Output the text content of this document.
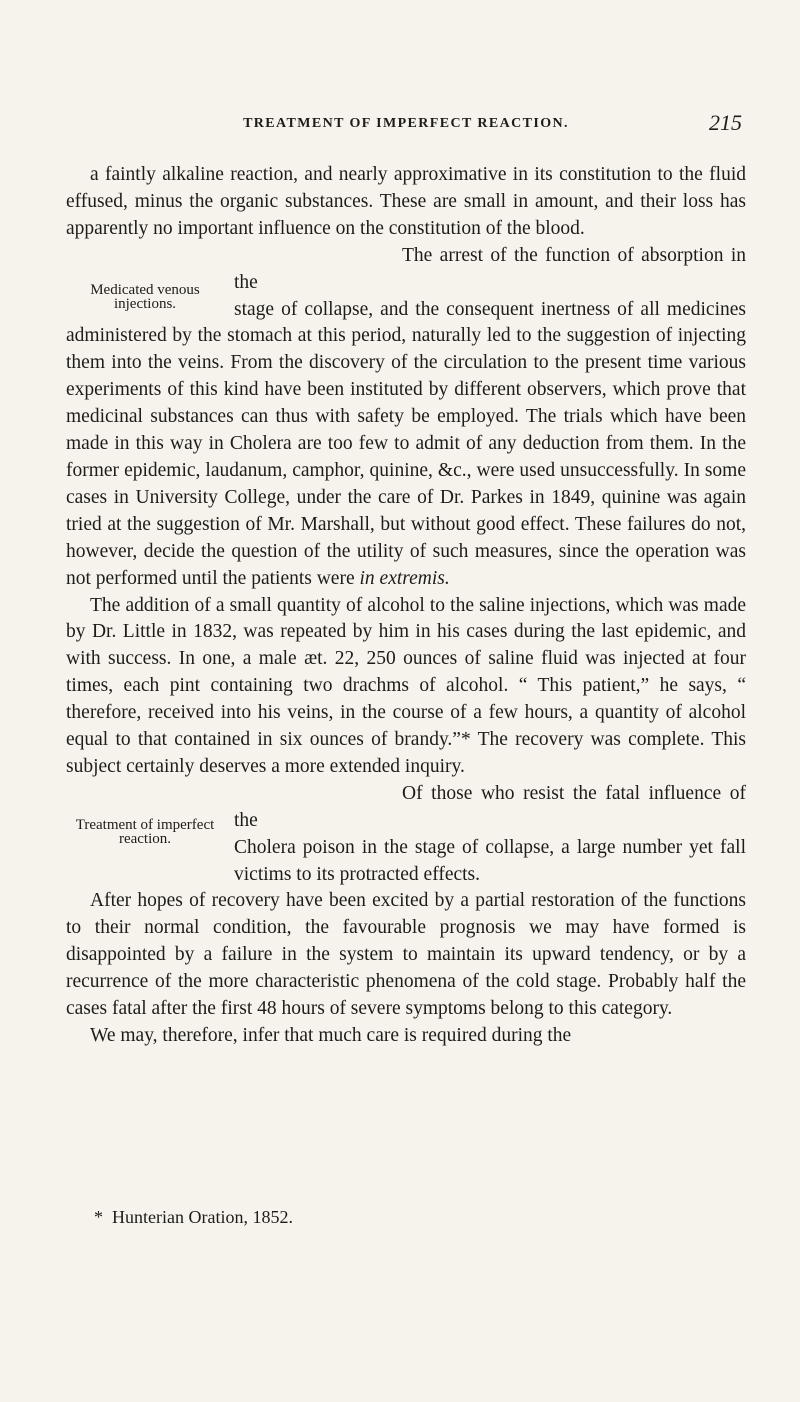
TREATMENT OF IMPERFECT REACTION.	215

a faintly alkaline reaction, and nearly approximative in its constitution to the fluid effused, minus the organic substances. These are small in amount, and their loss has apparently no important influence on the constitution of the blood.

Medicated venous injections.
The arrest of the function of absorption in the
stage of collapse, and the consequent inertness of all medicines administered by the stomach at this period, naturally led to the suggestion of injecting them into the veins. From the discovery of the circulation to the present time various experiments of this kind have been instituted by different observers, which prove that medicinal substances can thus with safety be employed. The trials which have been made in this way in Cholera are too few to admit of any deduction from them. In the former epidemic, laudanum, camphor, quinine, &c., were used unsuccessfully. In some cases in University College, under the care of Dr. Parkes in 1849, quinine was again tried at the suggestion of Mr. Marshall, but without good effect. These failures do not, however, decide the question of the utility of such measures, since the operation was not performed until the patients were in extremis.

The addition of a small quantity of alcohol to the saline injections, which was made by Dr. Little in 1832, was repeated by him in his cases during the last epidemic, and with success. In one, a male æt. 22, 250 ounces of saline fluid was injected at four times, each pint containing two drachms of alcohol. “ This patient,” he says, “ therefore, received into his veins, in the course of a few hours, a quantity of alcohol equal to that contained in six ounces of brandy.”* The recovery was complete. This subject certainly deserves a more extended inquiry.

Treatment of imperfect reaction.
Of those who resist the fatal influence of the
Cholera poison in the stage of collapse, a large number yet fall victims to its protracted effects.

After hopes of recovery have been excited by a partial restoration of the functions to their normal condition, the favourable prognosis we may have formed is disappointed by a failure in the system to maintain its upward tendency, or by a recurrence of the more characteristic phenomena of the cold stage. Probably half the cases fatal after the first 48 hours of severe symptoms belong to this category.

We may, therefore, infer that much care is required during the

* Hunterian Oration, 1852.
